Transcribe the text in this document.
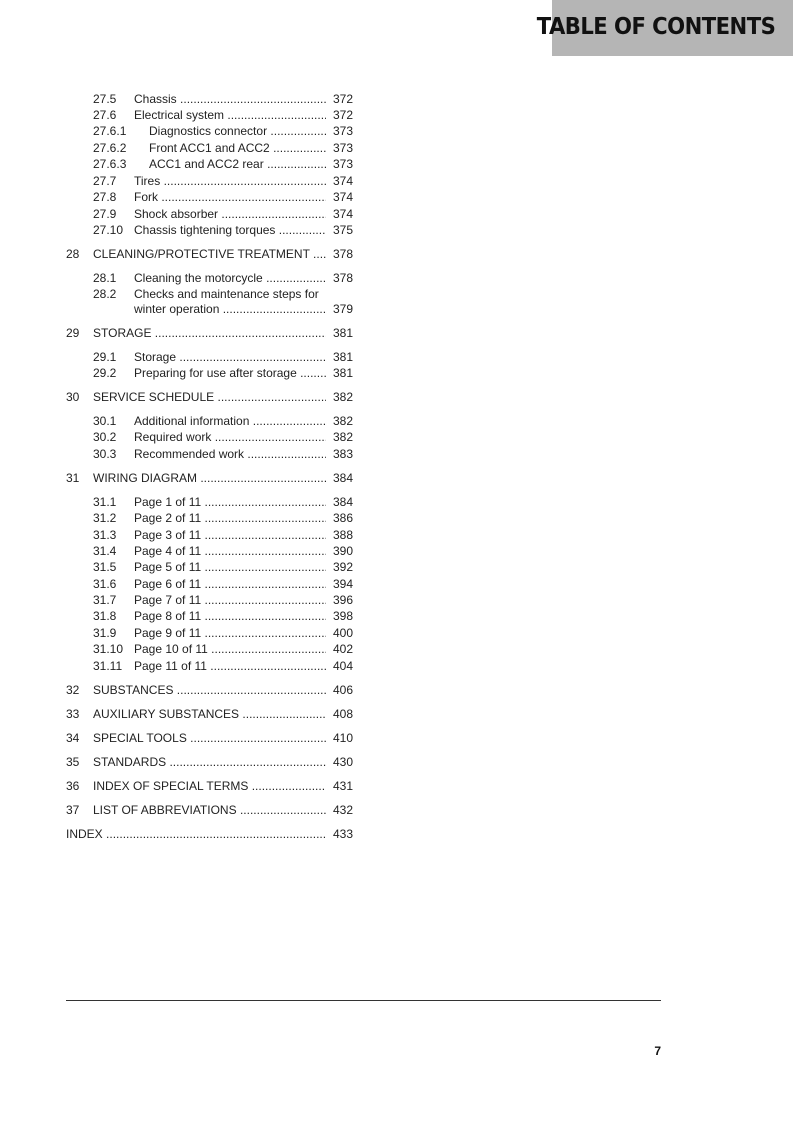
TABLE OF CONTENTS
27.5 Chassis .....	372
27.6 Electrical system .....	372
27.6.1 Diagnostics connector .....	373
27.6.2 Front ACC1 and ACC2 .....	373
27.6.3 ACC1 and ACC2 rear .....	373
27.7 Tires .....	374
27.8 Fork .....	374
27.9 Shock absorber .....	374
27.10 Chassis tightening torques .....	375
28 CLEANING/PROTECTIVE TREATMENT .....	378
28.1 Cleaning the motorcycle .....	378
28.2 Checks and maintenance steps for
winter operation .....	379
29 STORAGE .....	381
29.1 Storage .....	381
29.2 Preparing for use after storage .....	381
30 SERVICE SCHEDULE .....	382
30.1 Additional information .....	382
30.2 Required work .....	382
30.3 Recommended work .....	383
31 WIRING DIAGRAM .....	384
31.1 Page 1 of 11 .....	384
31.2 Page 2 of 11 .....	386
31.3 Page 3 of 11 .....	388
31.4 Page 4 of 11 .....	390
31.5 Page 5 of 11 .....	392
31.6 Page 6 of 11 .....	394
31.7 Page 7 of 11 .....	396
31.8 Page 8 of 11 .....	398
31.9 Page 9 of 11 .....	400
31.10 Page 10 of 11 .....	402
31.11 Page 11 of 11 .....	404
32 SUBSTANCES .....	406
33 AUXILIARY SUBSTANCES .....	408
34 SPECIAL TOOLS .....	410
35 STANDARDS .....	430
36 INDEX OF SPECIAL TERMS .....	431
37 LIST OF ABBREVIATIONS .....	432
INDEX .....	433
7
